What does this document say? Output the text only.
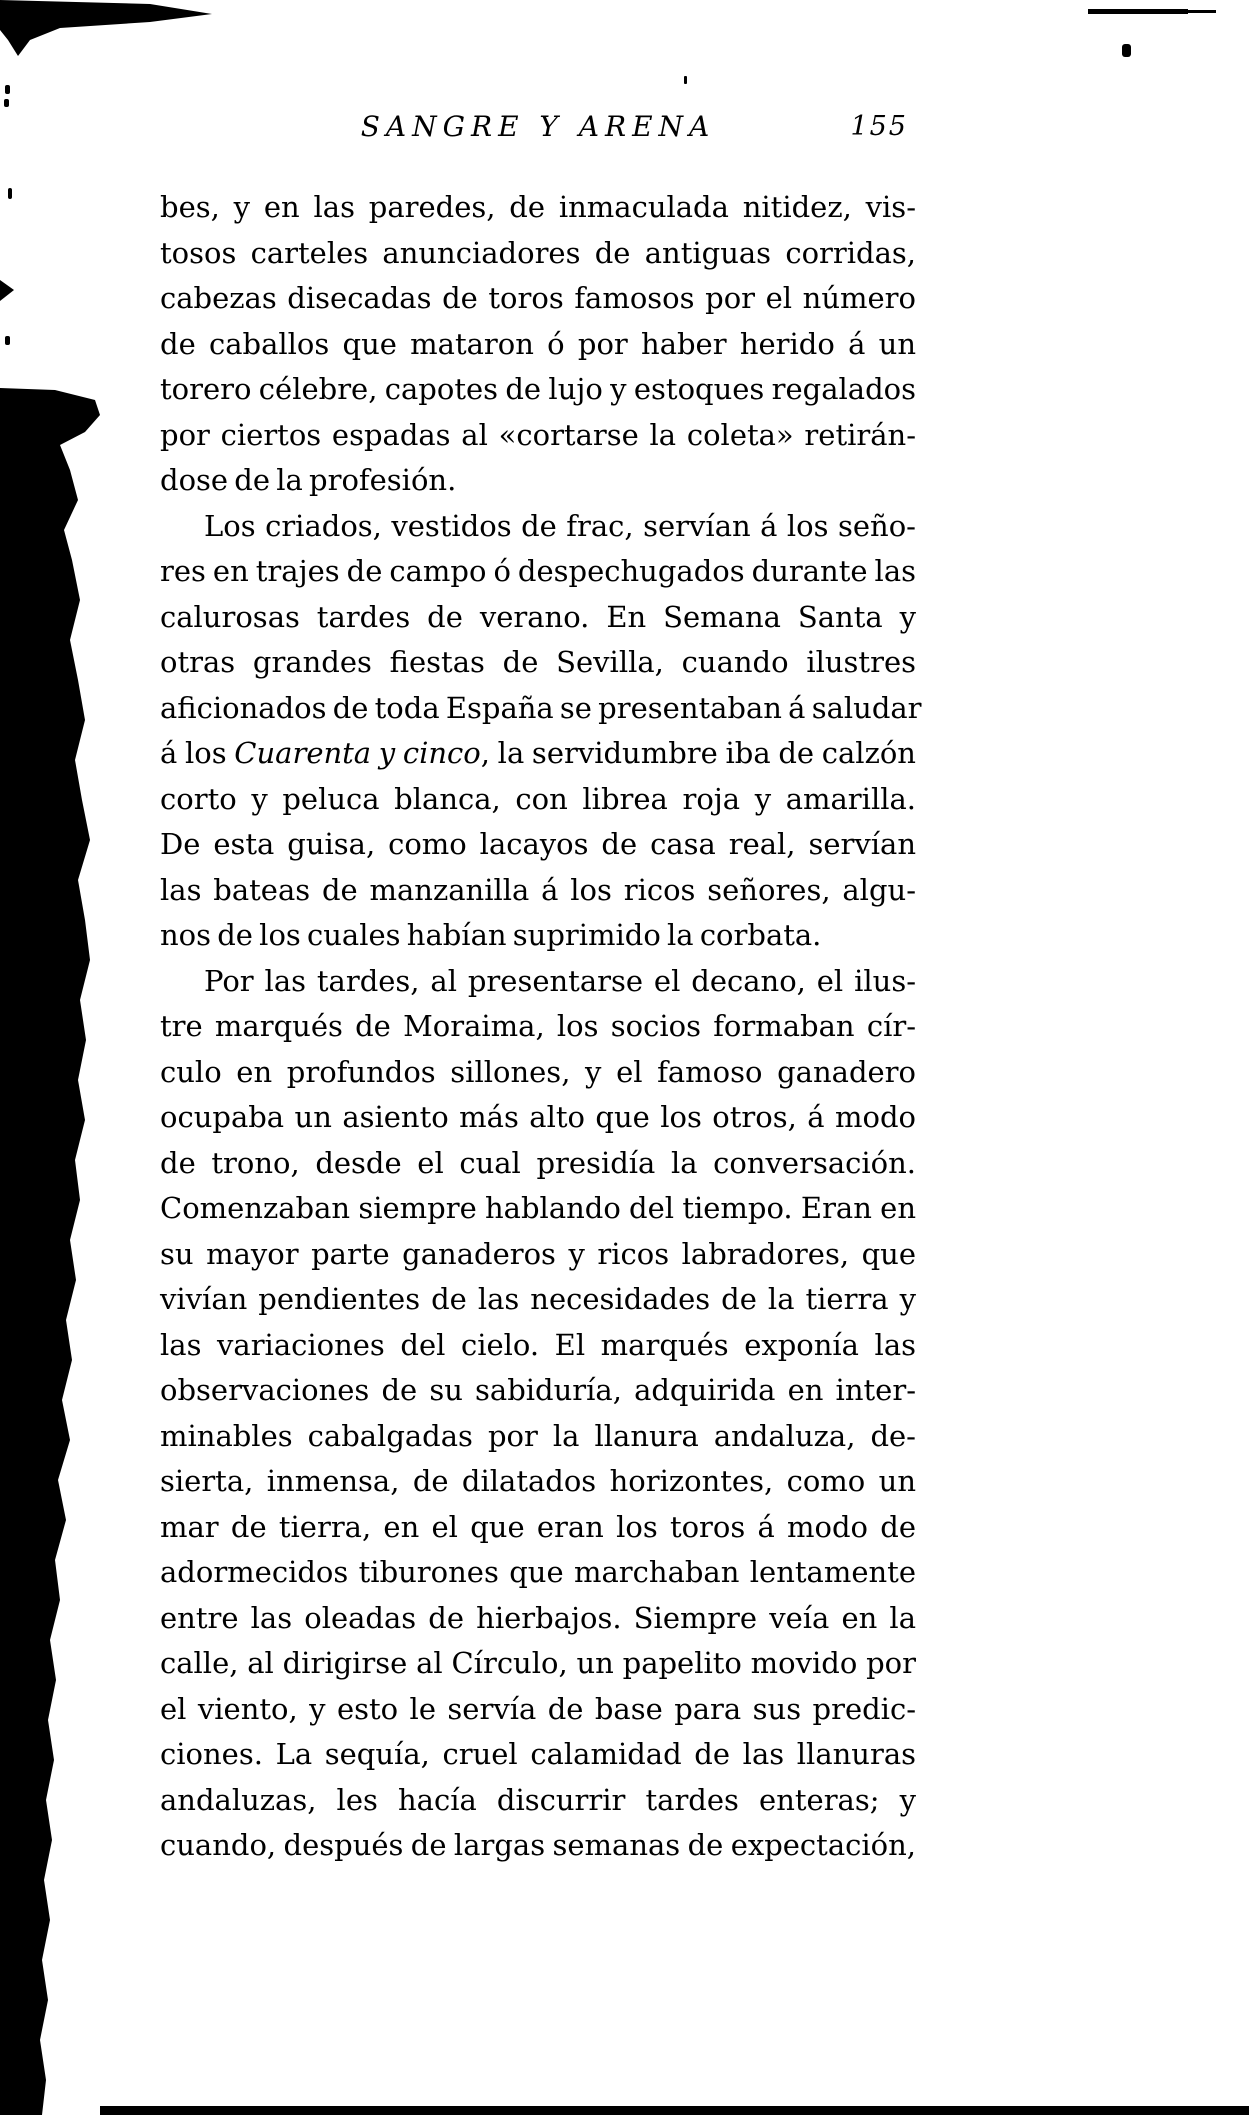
SANGRE Y ARENA	155
bes, y en las paredes, de inmaculada nitidez, vis-
tosos carteles anunciadores de antiguas corridas,
cabezas disecadas de toros famosos por el número
de caballos que mataron ó por haber herido á un
torero célebre, capotes de lujo y estoques regalados
por ciertos espadas al «cortarse la coleta» retirán-
dose de la profesión.
Los criados, vestidos de frac, servían á los seño-
res en trajes de campo ó despechugados durante las
calurosas tardes de verano. En Semana Santa y
otras grandes fiestas de Sevilla, cuando ilustres
aficionados de toda España se presentaban á saludar
á los Cuarenta y cinco, la servidumbre iba de calzón
corto y peluca blanca, con librea roja y amarilla.
De esta guisa, como lacayos de casa real, servían
las bateas de manzanilla á los ricos señores, algu-
nos de los cuales habían suprimido la corbata.
Por las tardes, al presentarse el decano, el ilus-
tre marqués de Moraima, los socios formaban cír-
culo en profundos sillones, y el famoso ganadero
ocupaba un asiento más alto que los otros, á modo
de trono, desde el cual presidía la conversación.
Comenzaban siempre hablando del tiempo. Eran en
su mayor parte ganaderos y ricos labradores, que
vivían pendientes de las necesidades de la tierra y
las variaciones del cielo. El marqués exponía las
observaciones de su sabiduría, adquirida en inter-
minables cabalgadas por la llanura andaluza, de-
sierta, inmensa, de dilatados horizontes, como un
mar de tierra, en el que eran los toros á modo de
adormecidos tiburones que marchaban lentamente
entre las oleadas de hierbajos. Siempre veía en la
calle, al dirigirse al Círculo, un papelito movido por
el viento, y esto le servía de base para sus predic-
ciones. La sequía, cruel calamidad de las llanuras
andaluzas, les hacía discurrir tardes enteras; y
cuando, después de largas semanas de expectación,
